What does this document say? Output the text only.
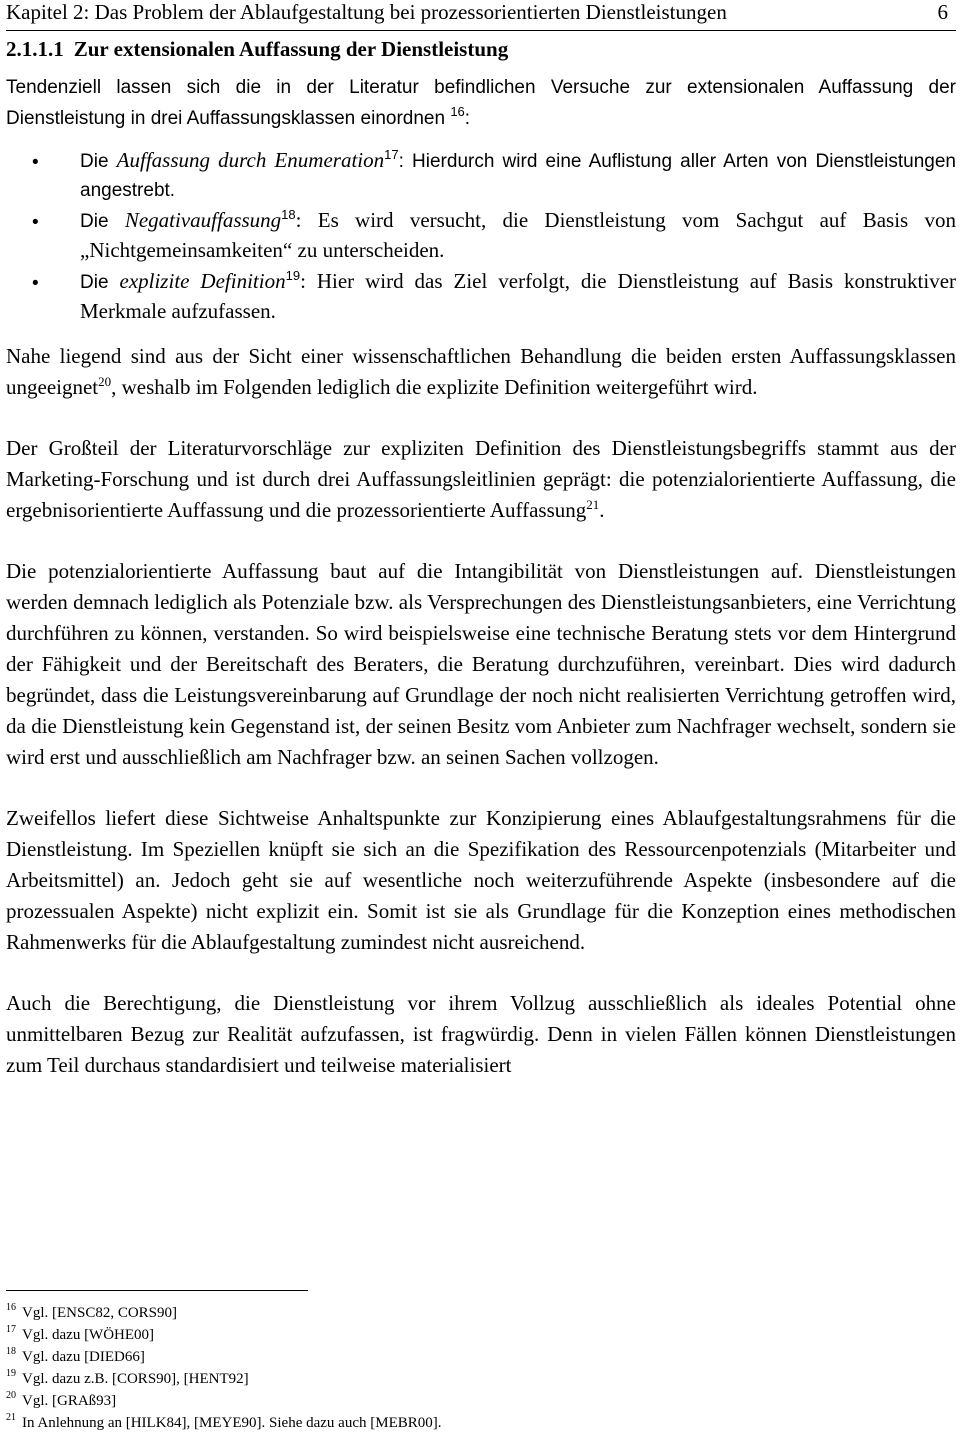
Kapitel 2: Das Problem der Ablaufgestaltung bei prozessorientierten Dienstleistungen	6
2.1.1.1 Zur extensionalen Auffassung der Dienstleistung

Tendenziell lassen sich die in der Literatur befindlichen Versuche zur extensionalen Auffassung der Dienstleistung in drei Auffassungsklassen einordnen $^{16}$:

• Die Auffassung durch Enumeration$^{17}$: Hierdurch wird eine Auflistung aller Arten von Dienstleistungen angestrebt.
• Die Negativauffassung$^{18}$: Es wird versucht, die Dienstleistung vom Sachgut auf Basis von „Nichtgemeinsamkeiten“ zu unterscheiden.
• Die explizite Definition$^{19}$: Hier wird das Ziel verfolgt, die Dienstleistung auf Basis konstruktiver Merkmale aufzufassen.

Nahe liegend sind aus der Sicht einer wissenschaftlichen Behandlung die beiden ersten Auffassungsklassen ungeeignet$^{20}$, weshalb im Folgenden lediglich die explizite Definition weitergeführt wird.

Der Großteil der Literaturvorschläge zur expliziten Definition des Dienstleistungsbegriffs stammt aus der Marketing-Forschung und ist durch drei Auffassungsleitlinien geprägt: die potenzialorientierte Auffassung, die ergebnisorientierte Auffassung und die prozessorientierte Auffassung$^{21}$.

Die potenzialorientierte Auffassung baut auf die Intangibilität von Dienstleistungen auf. Dienstleistungen werden demnach lediglich als Potenziale bzw. als Versprechungen des Dienstleistungsanbieters, eine Verrichtung durchführen zu können, verstanden. So wird beispielsweise eine technische Beratung stets vor dem Hintergrund der Fähigkeit und der Bereitschaft des Beraters, die Beratung durchzuführen, vereinbart. Dies wird dadurch begründet, dass die Leistungsvereinbarung auf Grundlage der noch nicht realisierten Verrichtung getroffen wird, da die Dienstleistung kein Gegenstand ist, der seinen Besitz vom Anbieter zum Nachfrager wechselt, sondern sie wird erst und ausschließlich am Nachfrager bzw. an seinen Sachen vollzogen.

Zweifellos liefert diese Sichtweise Anhaltspunkte zur Konzipierung eines Ablaufgestaltungsrahmens für die Dienstleistung. Im Speziellen knüpft sie sich an die Spezifikation des Ressourcenpotenzials (Mitarbeiter und Arbeitsmittel) an. Jedoch geht sie auf wesentliche noch weiterzuführende Aspekte (insbesondere auf die prozessualen Aspekte) nicht explizit ein. Somit ist sie als Grundlage für die Konzeption eines methodischen Rahmenwerks für die Ablaufgestaltung zumindest nicht ausreichend.

Auch die Berechtigung, die Dienstleistung vor ihrem Vollzug ausschließlich als ideales Potential ohne unmittelbaren Bezug zur Realität aufzufassen, ist fragwürdig. Denn in vielen Fällen können Dienstleistungen zum Teil durchaus standardisiert und teilweise materialisiert

$^{16}$ Vgl. [ENSC82, CORS90]
$^{17}$ Vgl. dazu [WÖHE00]
$^{18}$ Vgl. dazu [DIED66]
$^{19}$ Vgl. dazu z.B. [CORS90], [HENT92]
$^{20}$ Vgl. [GRAß93]
$^{21}$ In Anlehnung an [HILK84], [MEYE90]. Siehe dazu auch [MEBR00].
